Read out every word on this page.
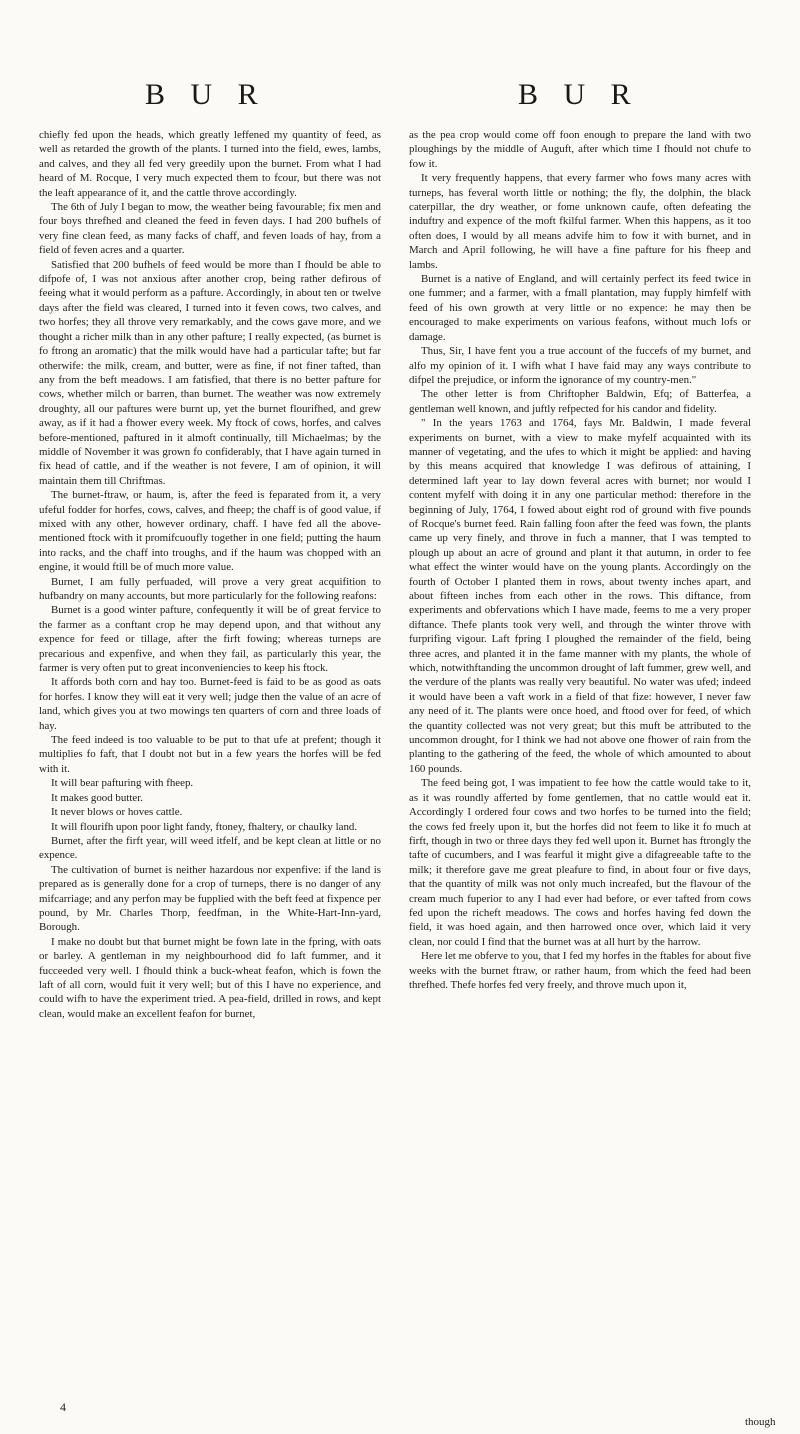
B U R	B U R

chiefly fed upon the heads, which greatly leffened my quantity of feed, as well as retarded the growth of the plants. I turned into the field, ewes, lambs, and calves, and they all fed very greedily upon the burnet. From what I had heard of M. Rocque, I very much expected them to fcour, but there was not the leaft appearance of it, and the cattle throve accordingly.

The 6th of July I began to mow, the weather being favourable; fix men and four boys threfhed and cleaned the feed in feven days. I had 200 bufhels of very fine clean feed, as many facks of chaff, and feven loads of hay, from a field of feven acres and a quarter.

Satisfied that 200 bufhels of feed would be more than I fhould be able to difpofe of, I was not anxious after another crop, being rather defirous of feeing what it would perform as a pafture. Accordingly, in about ten or twelve days after the field was cleared, I turned into it feven cows, two calves, and two horfes; they all throve very remarkably, and the cows gave more, and we thought a richer milk than in any other pafture; I really expected, (as burnet is fo ftrong an aromatic) that the milk would have had a particular tafte; but far otherwife: the milk, cream, and butter, were as fine, if not finer tafted, than any from the beft meadows. I am fatisfied, that there is no better pafture for cows, whether milch or barren, than burnet. The weather was now extremely droughty, all our paftures were burnt up, yet the burnet flourifhed, and grew away, as if it had a fhower every week. My ftock of cows, horfes, and calves before-mentioned, paftured in it almoft continually, till Michaelmas; by the middle of November it was grown fo confiderably, that I have again turned in fix head of cattle, and if the weather is not fevere, I am of opinion, it will maintain them till Chriftmas.

The burnet-ftraw, or haum, is, after the feed is feparated from it, a very ufeful fodder for horfes, cows, calves, and fheep; the chaff is of good value, if mixed with any other, however ordinary, chaff. I have fed all the above-mentioned ftock with it promifcuoufly together in one field; putting the haum into racks, and the chaff into troughs, and if the haum was chopped with an engine, it would ftill be of much more value.

Burnet, I am fully perfuaded, will prove a very great acquifition to hufbandry on many accounts, but more particularly for the following reafons:

Burnet is a good winter pafture, confequently it will be of great fervice to the farmer as a conftant crop he may depend upon, and that without any expence for feed or tillage, after the firft fowing; whereas turneps are precarious and expenfive, and when they fail, as particularly this year, the farmer is very often put to great inconveniencies to keep his ftock.

It affords both corn and hay too. Burnet-feed is faid to be as good as oats for horfes. I know they will eat it very well; judge then the value of an acre of land, which gives you at two mowings ten quarters of corn and three loads of hay.

The feed indeed is too valuable to be put to that ufe at prefent; though it multiplies fo faft, that I doubt not but in a few years the horfes will be fed with it.

It will bear pafturing with fheep.

It makes good butter.

It never blows or hoves cattle.

It will flourifh upon poor light fandy, ftoney, fhaltery, or chaulky land.

Burnet, after the firft year, will weed itfelf, and be kept clean at little or no expence.

The cultivation of burnet is neither hazardous nor expenfive: if the land is prepared as is generally done for a crop of turneps, there is no danger of any mifcarriage; and any perfon may be fupplied with the beft feed at fixpence per pound, by Mr. Charles Thorp, feedfman, in the White-Hart-Inn-yard, Borough.

I make no doubt but that burnet might be fown late in the fpring, with oats or barley. A gentleman in my neighbourhood did fo laft fummer, and it fucceeded very well. I fhould think a buck-wheat feafon, which is fown the laft of all corn, would fuit it very well; but of this I have no experience, and could wifh to have the experiment tried. A pea-field, drilled in rows, and kept clean, would make an excellent feafon for burnet,

as the pea crop would come off foon enough to prepare the land with two ploughings by the middle of Auguft, after which time I fhould not chufe to fow it.

It very frequently happens, that every farmer who fows many acres with turneps, has feveral worth little or nothing; the fly, the dolphin, the black caterpillar, the dry weather, or fome unknown caufe, often defeating the induftry and expence of the moft fkilful farmer. When this happens, as it too often does, I would by all means advife him to fow it with burnet, and in March and April following, he will have a fine pafture for his fheep and lambs.

Burnet is a native of England, and will certainly perfect its feed twice in one fummer; and a farmer, with a fmall plantation, may fupply himfelf with feed of his own growth at very little or no expence: he may then be encouraged to make experiments on various feafons, without much lofs or damage.

Thus, Sir, I have fent you a true account of the fuccefs of my burnet, and alfo my opinion of it. I wifh what I have faid may any ways contribute to difpel the prejudice, or inform the ignorance of my country-men."

The other letter is from Chriftopher Baldwin, Efq; of Batterfea, a gentleman well known, and juftly refpected for his candor and fidelity.

" In the years 1763 and 1764, fays Mr. Baldwin, I made feveral experiments on burnet, with a view to make myfelf acquainted with its manner of vegetating, and the ufes to which it might be applied: and having by this means acquired that knowledge I was defirous of attaining, I determined laft year to lay down feveral acres with burnet; nor would I content myfelf with doing it in any one particular method: therefore in the beginning of July, 1764, I fowed about eight rod of ground with five pounds of Rocque's burnet feed. Rain falling foon after the feed was fown, the plants came up very finely, and throve in fuch a manner, that I was tempted to plough up about an acre of ground and plant it that autumn, in order to fee what effect the winter would have on the young plants. Accordingly on the fourth of October I planted them in rows, about twenty inches apart, and about fifteen inches from each other in the rows. This diftance, from experiments and obfervations which I have made, feems to me a very proper diftance. Thefe plants took very well, and through the winter throve with furprifing vigour. Laft fpring I ploughed the remainder of the field, being three acres, and planted it in the fame manner with my plants, the whole of which, notwithftanding the uncommon drought of laft fummer, grew well, and the verdure of the plants was really very beautiful. No water was ufed; indeed it would have been a vaft work in a field of that fize: however, I never faw any need of it. The plants were once hoed, and ftood over for feed, of which the quantity collected was not very great; but this muft be attributed to the uncommon drought, for I think we had not above one fhower of rain from the planting to the gathering of the feed, the whole of which amounted to about 160 pounds.

The feed being got, I was impatient to fee how the cattle would take to it, as it was roundly afferted by fome gentlemen, that no cattle would eat it. Accordingly I ordered four cows and two horfes to be turned into the field; the cows fed freely upon it, but the horfes did not feem to like it fo much at firft, though in two or three days they fed well upon it. Burnet has ftrongly the tafte of cucumbers, and I was fearful it might give a difagreeable tafte to the milk; it therefore gave me great pleafure to find, in about four or five days, that the quantity of milk was not only much increafed, but the flavour of the cream much fuperior to any I had ever had before, or ever tafted from cows fed upon the richeft meadows. The cows and horfes having fed down the field, it was hoed again, and then harrowed once over, which laid it very clean, nor could I find that the burnet was at all hurt by the harrow.

Here let me obferve to you, that I fed my horfes in the ftables for about five weeks with the burnet ftraw, or rather haum, from which the feed had been threfhed. Thefe horfes fed very freely, and throve much upon it,

4
though
